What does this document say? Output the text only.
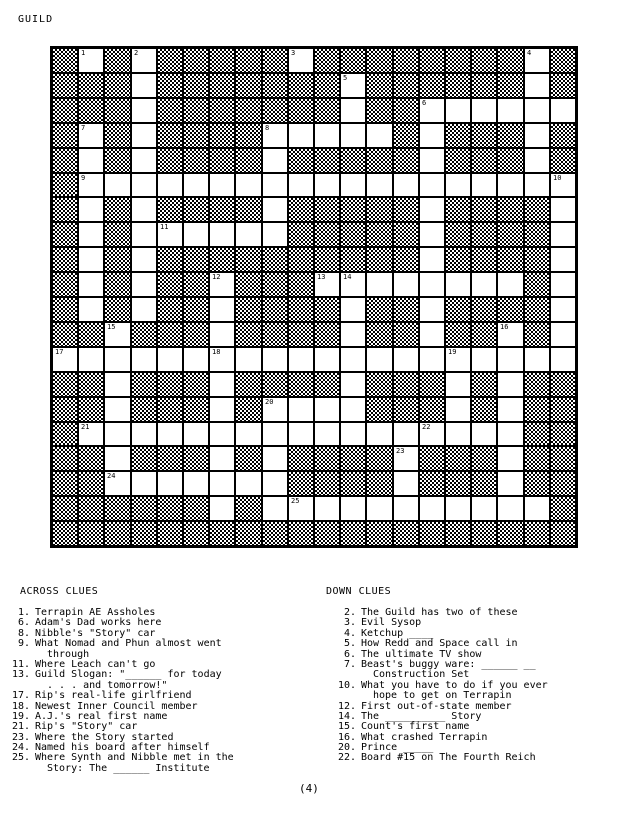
GUILD
1	2	3	4
5
6
7	8
9	10
11
12	13	14
15	16
17	18	19
20
21	22
23
24
25
ACROSS CLUES	DOWN CLUES
1. Terrapin AE Assholes
6. Adam's Dad works here
8. Nibble's "Story" car
9. What Nomad and Phun almost went
through
11. Where Leach can't go
13. Guild Slogan: "______ for today
. . . and tomorrow!"
17. Rip's real-life girlfriend
18. Newest Inner Council member
19. A.J.'s real first name
21. Rip's "Story" car
23. Where the Story started
24. Named his board after himself
25. Where Synth and Nibble met in the
Story: The ______ Institute
2. The Guild has two of these
3. Evil Sysop
4. Ketchup ____
5. How Redd and Space call in
6. The ultimate TV show
7. Beast's buggy ware: ______ __
Construction Set
10. What you have to do if you ever
hope to get on Terrapin
12. First out-of-state member
14. The __________ Story
15. Count's first name
16. What crashed Terrapin
20. Prince _____
22. Board #15 on The Fourth Reich
(4)
